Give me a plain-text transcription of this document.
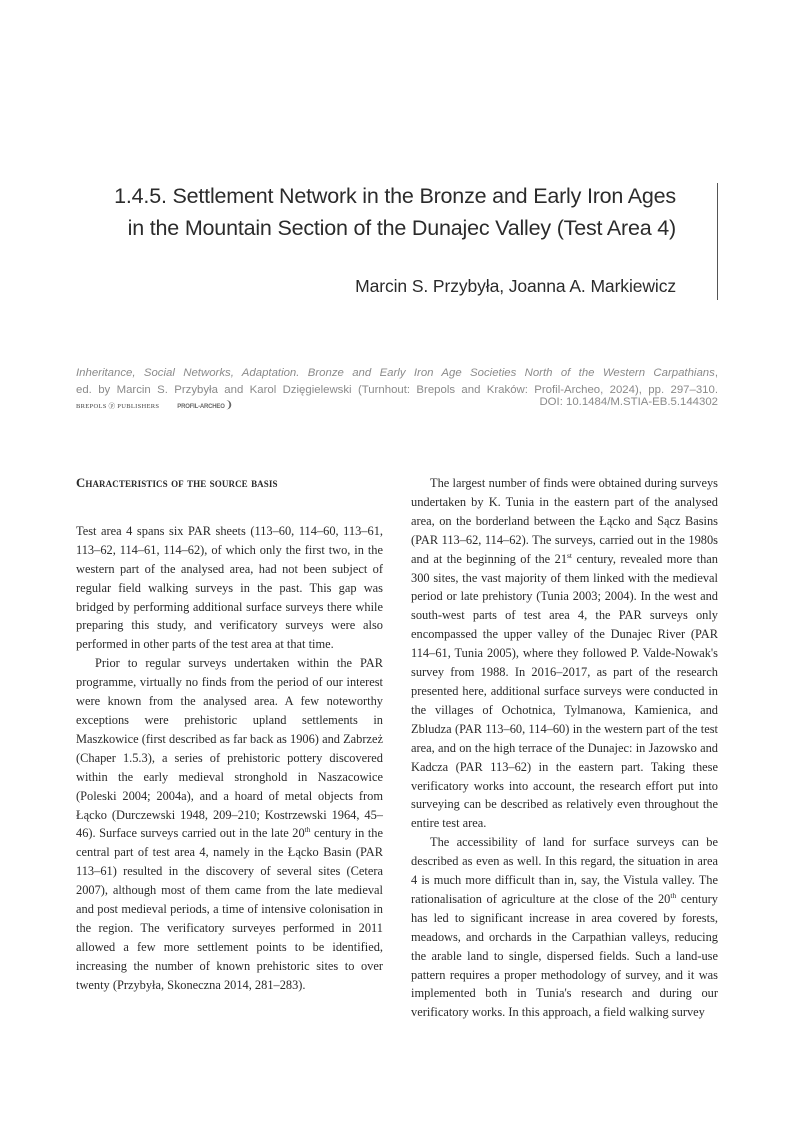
1.4.5. Settlement Network in the Bronze and Early Iron Ages
in the Mountain Section of the Dunajec Valley (Test Area 4)
Marcin S. Przybyła, Joanna A. Markiewicz
Inheritance, Social Networks, Adaptation. Bronze and Early Iron Age Societies North of the Western Carpathians,
ed. by Marcin S. Przybyła and Karol Dzięgielewski (Turnhout: Brepols and Kraków: Profil-Archeo, 2024), pp. 297–310.
BREPOLS ⓟ PUBLISHERS	PROFIL-ARCHEO❩	DOI: 10.1484/M.STIA-EB.5.144302
Characteristics of the source basis

Test area 4 spans six PAR sheets (113–60, 114–60, 113–61, 113–62, 114–61, 114–62), of which only the first two, in the western part of the analysed area, had not been subject of regular field walking surveys in the past. This gap was bridged by performing additional surface surveys there while preparing this study, and verificatory surveys were also performed in other parts of the test area at that time.

Prior to regular surveys undertaken within the PAR programme, virtually no finds from the period of our interest were known from the analysed area. A few noteworthy exceptions were prehistoric upland settlements in Maszkowice (first described as far back as 1906) and Zabrzeż (Chaper 1.5.3), a series of prehistoric pottery discovered within the early medieval stronghold in Naszacowice (Poleski 2004; 2004a), and a hoard of metal objects from Łącko (Durczewski 1948, 209–210; Kostrzewski 1964, 45–46). Surface surveys carried out in the late 20th century in the central part of test area 4, namely in the Łącko Basin (PAR 113–61) resulted in the discovery of several sites (Cetera 2007), although most of them came from the late medieval and post medieval periods, a time of intensive colonisation in the region. The verificatory surveyes performed in 2011 allowed a few more settlement points to be identified, increasing the number of known prehistoric sites to over twenty (Przybyła, Skoneczna 2014, 281–283).

The largest number of finds were obtained during surveys undertaken by K. Tunia in the eastern part of the analysed area, on the borderland between the Łącko and Sącz Basins (PAR 113–62, 114–62). The surveys, carried out in the 1980s and at the beginning of the 21st century, revealed more than 300 sites, the vast majority of them linked with the medieval period or late prehistory (Tunia 2003; 2004). In the west and south-west parts of test area 4, the PAR surveys only encompassed the upper valley of the Dunajec River (PAR 114–61, Tunia 2005), where they followed P. Valde-Nowak's survey from 1988. In 2016–2017, as part of the research presented here, additional surface surveys were conducted in the villages of Ochotnica, Tylmanowa, Kamienica, and Zbludza (PAR 113–60, 114–60) in the western part of the test area, and on the high terrace of the Dunajec: in Jazowsko and Kadcza (PAR 113–62) in the eastern part. Taking these verificatory works into account, the research effort put into surveying can be described as relatively even throughout the entire test area.

The accessibility of land for surface surveys can be described as even as well. In this regard, the situation in area 4 is much more difficult than in, say, the Vistula valley. The rationalisation of agriculture at the close of the 20th century has led to significant increase in area covered by forests, meadows, and orchards in the Carpathian valleys, reducing the arable land to single, dispersed fields. Such a land-use pattern requires a proper methodology of survey, and it was implemented both in Tunia's research and during our verificatory works. In this approach, a field walking survey
